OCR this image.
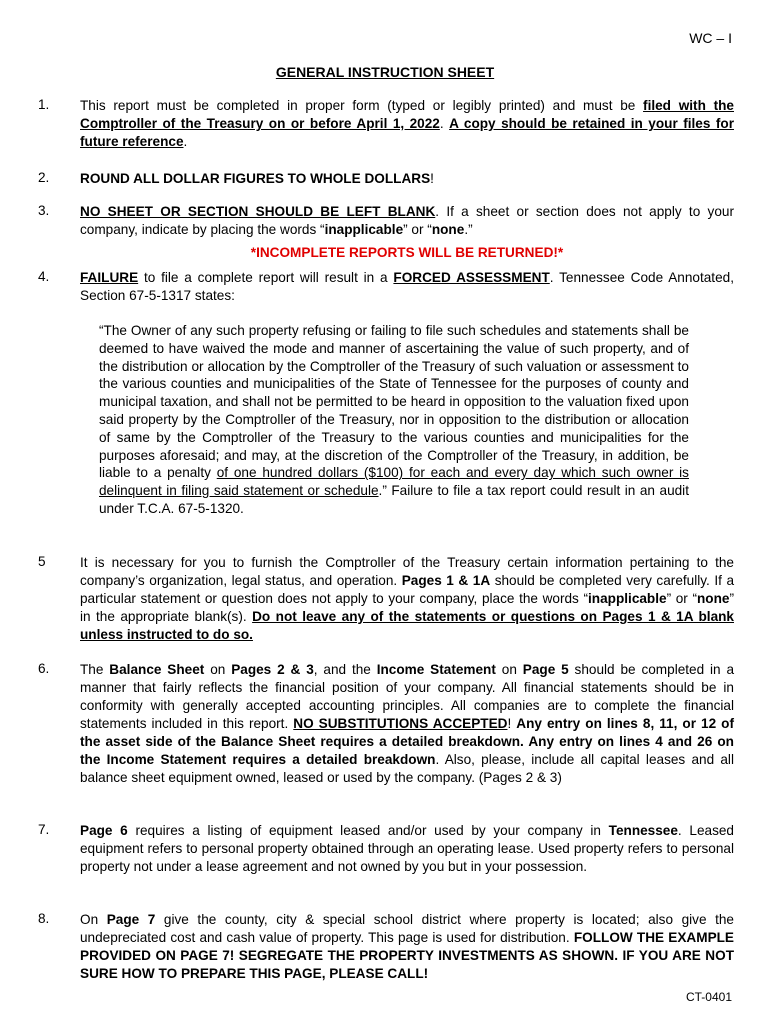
WC – I
GENERAL INSTRUCTION SHEET
1.	This report must be completed in proper form (typed or legibly printed) and must be filed with the Comptroller of the Treasury on or before April 1, 2022. A copy should be retained in your files for future reference.
2.	ROUND ALL DOLLAR FIGURES TO WHOLE DOLLARS!
3.	NO SHEET OR SECTION SHOULD BE LEFT BLANK. If a sheet or section does not apply to your company, indicate by placing the words “inapplicable” or “none.”
*INCOMPLETE REPORTS WILL BE RETURNED!*
4.	FAILURE to file a complete report will result in a FORCED ASSESSMENT. Tennessee Code Annotated, Section 67-5-1317 states:
“The Owner of any such property refusing or failing to file such schedules and statements shall be deemed to have waived the mode and manner of ascertaining the value of such property, and of the distribution or allocation by the Comptroller of the Treasury of such valuation or assessment to the various counties and municipalities of the State of Tennessee for the purposes of county and municipal taxation, and shall not be permitted to be heard in opposition to the valuation fixed upon said property by the Comptroller of the Treasury, nor in opposition to the distribution or allocation of same by the Comptroller of the Treasury to the various counties and municipalities for the purposes aforesaid; and may, at the discretion of the Comptroller of the Treasury, in addition, be liable to a penalty of one hundred dollars ($100) for each and every day which such owner is delinquent in filing said statement or schedule.” Failure to file a tax report could result in an audit under T.C.A. 67-5-1320.
5	It is necessary for you to furnish the Comptroller of the Treasury certain information pertaining to the company’s organization, legal status, and operation. Pages 1 & 1A should be completed very carefully. If a particular statement or question does not apply to your company, place the words “inapplicable” or “none” in the appropriate blank(s). Do not leave any of the statements or questions on Pages 1 & 1A blank unless instructed to do so.
6.	The Balance Sheet on Pages 2 & 3, and the Income Statement on Page 5 should be completed in a manner that fairly reflects the financial position of your company. All financial statements should be in conformity with generally accepted accounting principles. All companies are to complete the financial statements included in this report. NO SUBSTITUTIONS ACCEPTED! Any entry on lines 8, 11, or 12 of the asset side of the Balance Sheet requires a detailed breakdown. Any entry on lines 4 and 26 on the Income Statement requires a detailed breakdown. Also, please, include all capital leases and all balance sheet equipment owned, leased or used by the company. (Pages 2 & 3)
7.	Page 6 requires a listing of equipment leased and/or used by your company in Tennessee. Leased equipment refers to personal property obtained through an operating lease. Used property refers to personal property not under a lease agreement and not owned by you but in your possession.
8.	On Page 7 give the county, city & special school district where property is located; also give the undepreciated cost and cash value of property. This page is used for distribution. FOLLOW THE EXAMPLE PROVIDED ON PAGE 7! SEGREGATE THE PROPERTY INVESTMENTS AS SHOWN. IF YOU ARE NOT SURE HOW TO PREPARE THIS PAGE, PLEASE CALL!
CT-0401
